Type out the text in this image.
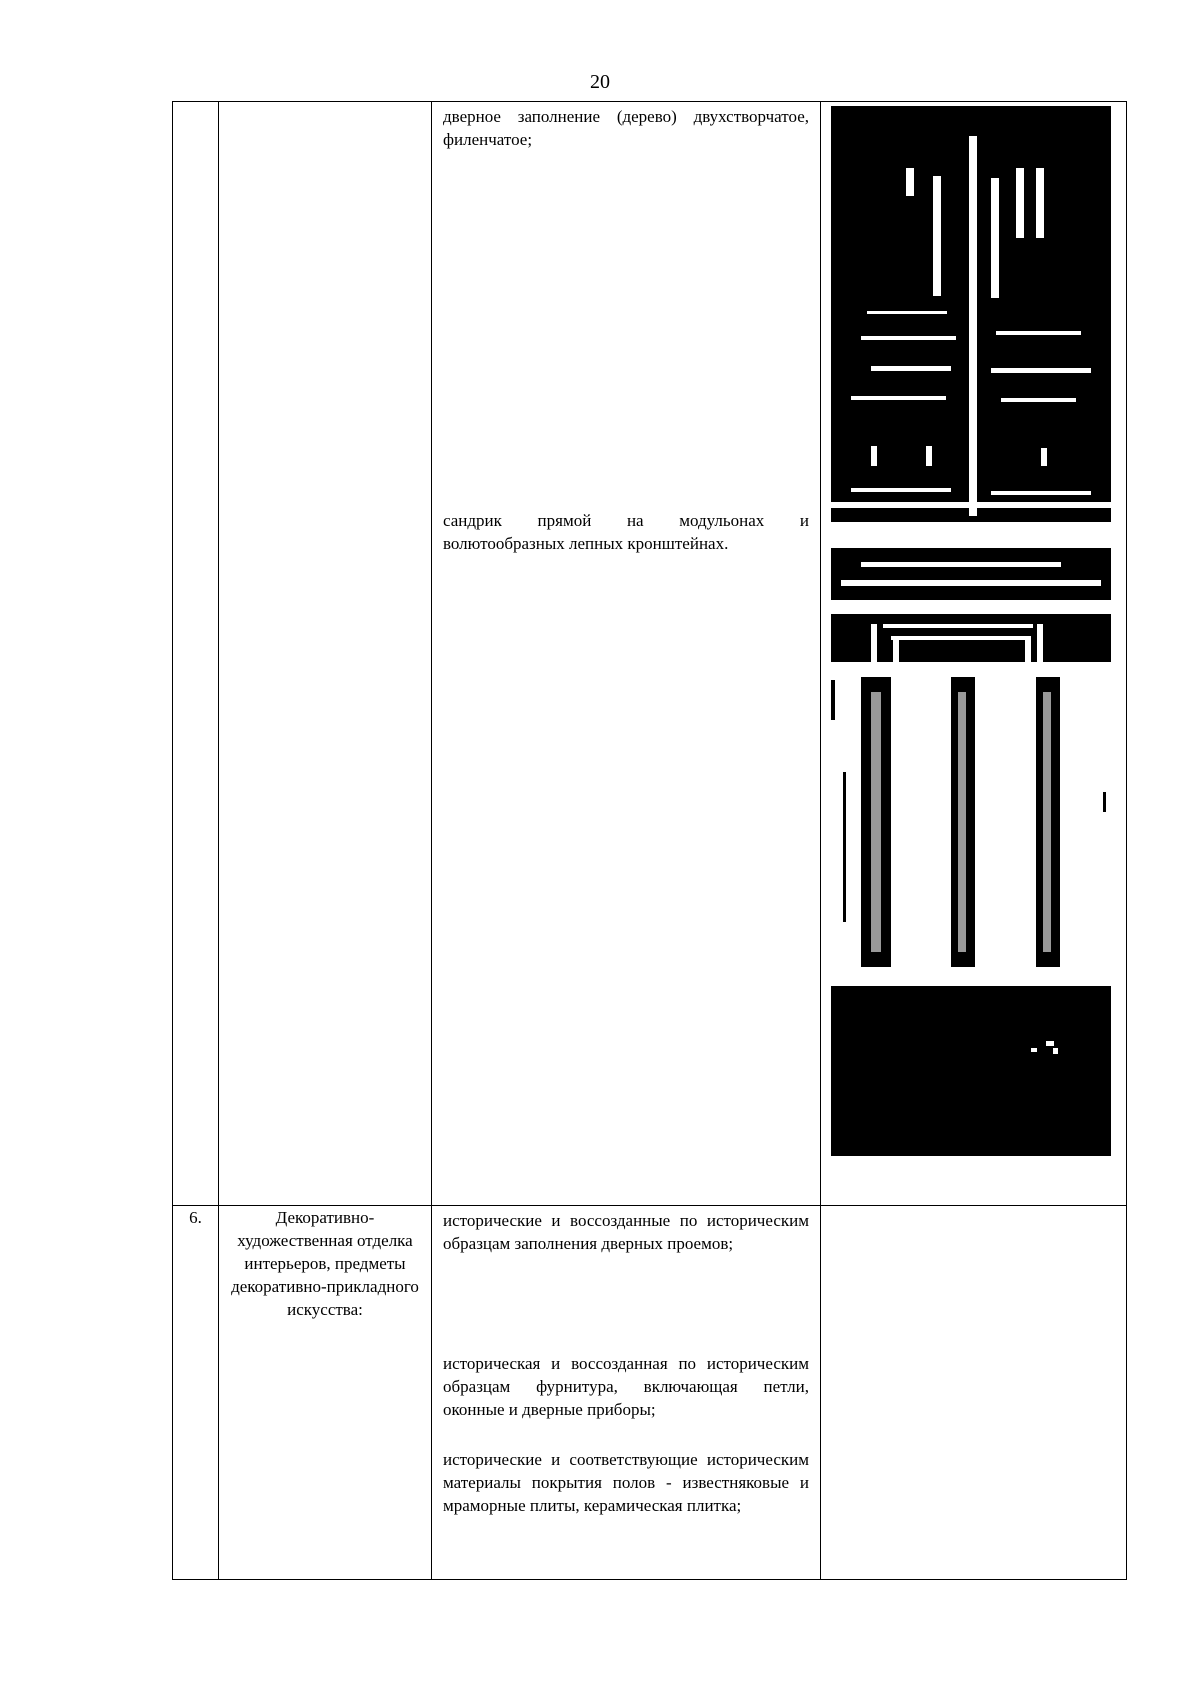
20

		дверное заполнение (дерево) двухстворчатое, филенчатое;
сандрик прямой на модульонах и волютообразных лепных кронштейнах.

6.	Декоративно-художественная отделка интерьеров, предметы декоративно-прикладного искусства:	исторические и воссозданные по историческим образцам заполнения дверных проемов;
историческая и воссозданная по историческим образцам фурнитура, включающая петли, оконные и дверные приборы;
исторические и соответствующие историческим материалы покрытия полов - известняковые и мраморные плиты, керамическая плитка;	
